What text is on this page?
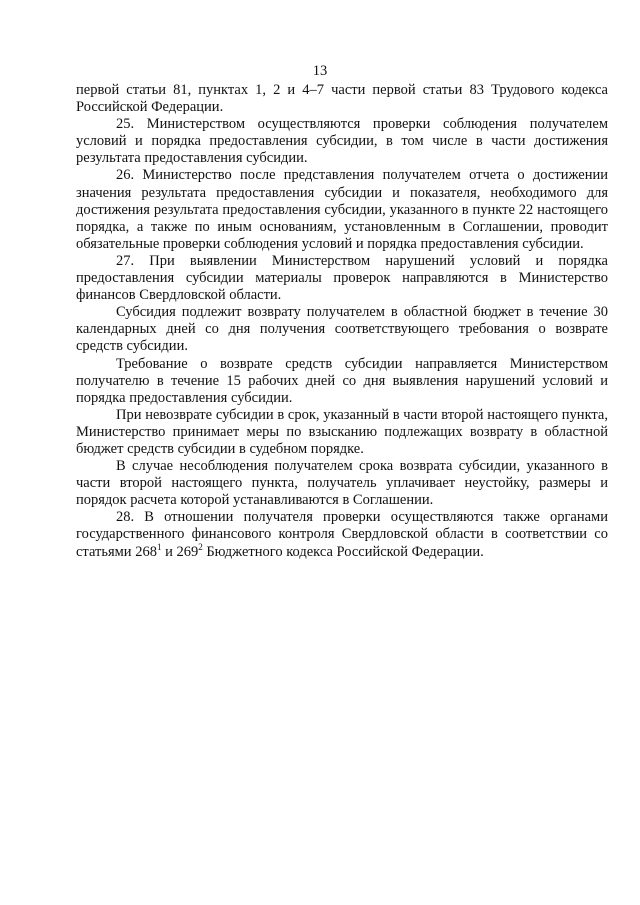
13

первой статьи 81, пунктах 1, 2 и 4–7 части первой статьи 83 Трудового кодекса Российской Федерации.

25. Министерством осуществляются проверки соблюдения получателем условий и порядка предоставления субсидии, в том числе в части достижения результата предоставления субсидии.

26. Министерство после представления получателем отчета о достижении значения результата предоставления субсидии и показателя, необходимого для достижения результата предоставления субсидии, указанного в пункте 22 настоящего порядка, а также по иным основаниям, установленным в Соглашении, проводит обязательные проверки соблюдения условий и порядка предоставления субсидии.

27. При выявлении Министерством нарушений условий и порядка предоставления субсидии материалы проверок направляются в Министерство финансов Свердловской области.

Субсидия подлежит возврату получателем в областной бюджет в течение 30 календарных дней со дня получения соответствующего требования о возврате средств субсидии.

Требование о возврате средств субсидии направляется Министерством получателю в течение 15 рабочих дней со дня выявления нарушений условий и порядка предоставления субсидии.

При невозврате субсидии в срок, указанный в части второй настоящего пункта, Министерство принимает меры по взысканию подлежащих возврату в областной бюджет средств субсидии в судебном порядке.

В случае несоблюдения получателем срока возврата субсидии, указанного в части второй настоящего пункта, получатель уплачивает неустойку, размеры и порядок расчета которой устанавливаются в Соглашении.

28. В отношении получателя проверки осуществляются также органами государственного финансового контроля Свердловской области в соответствии со статьями $268^1$ и $269^2$ Бюджетного кодекса Российской Федерации.
